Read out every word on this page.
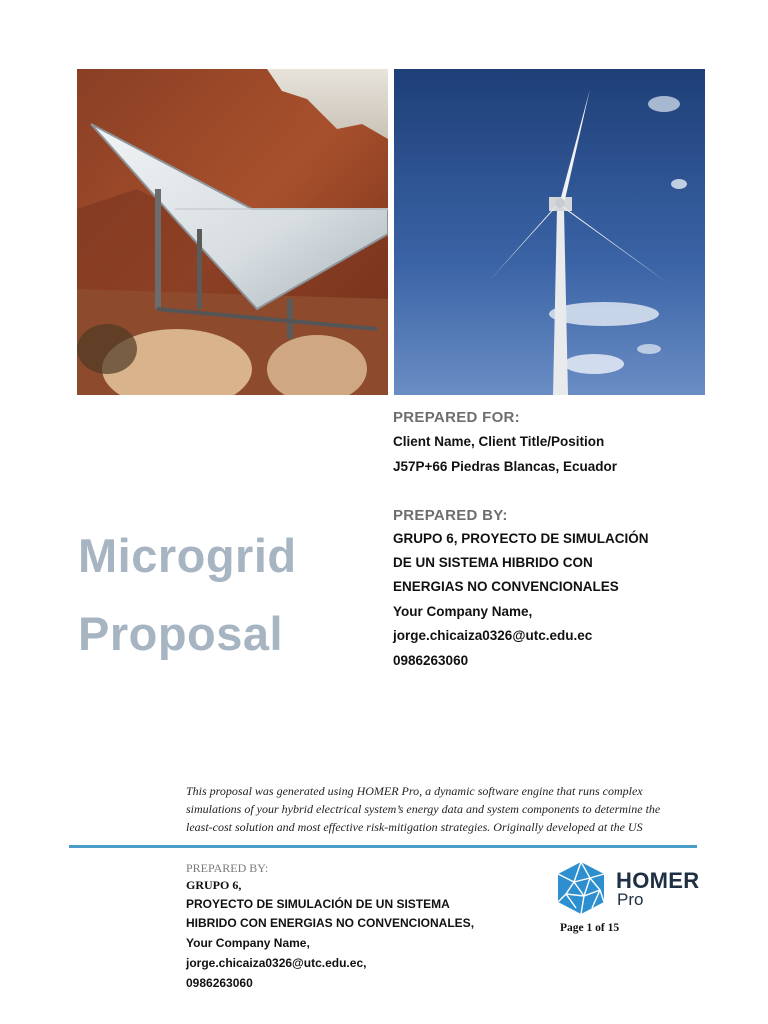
PREPARED FOR:
Client Name, Client Title/Position
J57P+66 Piedras Blancas, Ecuador
PREPARED BY:
GRUPO 6, PROYECTO DE SIMULACIÓN
DE UN SISTEMA HIBRIDO CON
ENERGIAS NO CONVENCIONALES
Your Company Name,
jorge.chicaiza0326@utc.edu.ec
0986263060
Microgrid
Proposal

This proposal was generated using HOMER Pro, a dynamic software engine that runs complex
simulations of your hybrid electrical system’s energy data and system components to determine the
least-cost solution and most effective risk-mitigation strategies. Originally developed at the US

PREPARED BY:
GRUPO 6,
PROYECTO DE SIMULACIÓN DE UN SISTEMA
HIBRIDO CON ENERGIAS NO CONVENCIONALES,
Your Company Name,
jorge.chicaiza0326@utc.edu.ec,
0986263060
HOMER
Pro
Page 1 of 15
